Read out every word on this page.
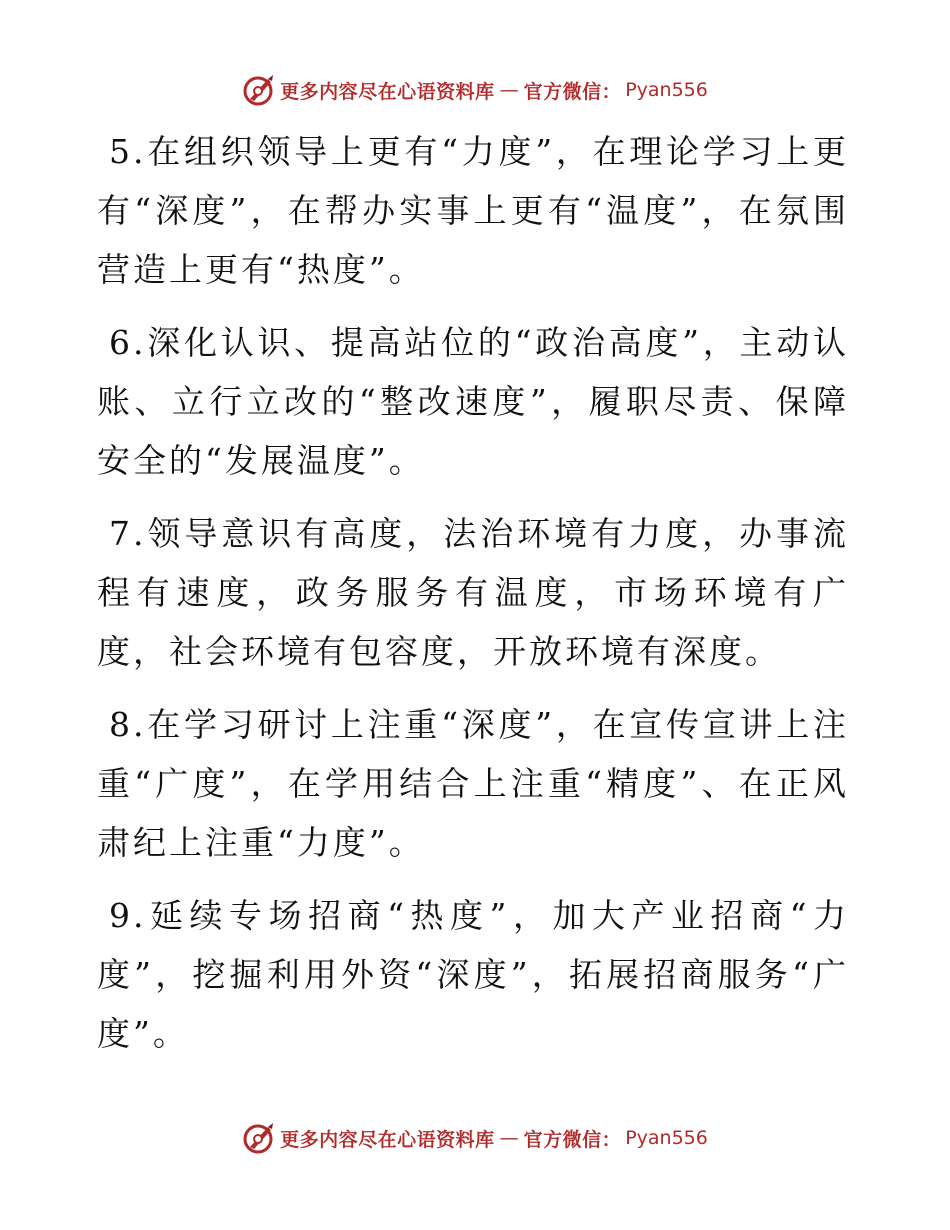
更多内容尽在心语资料库 — 官方微信： Pyan556

5.在组织领导上更有“力度”，在理论学习上更有“深度”，在帮办实事上更有“温度”，在氛围营造上更有“热度”。

6.深化认识、提高站位的“政治高度”，主动认账、立行立改的“整改速度”，履职尽责、保障安全的“发展温度”。

7.领导意识有高度，法治环境有力度，办事流程有速度，政务服务有温度，市场环境有广度，社会环境有包容度，开放环境有深度。

8.在学习研讨上注重“深度”，在宣传宣讲上注重“广度”，在学用结合上注重“精度”、在正风肃纪上注重“力度”。

9.延续专场招商“热度”，加大产业招商“力度”，挖掘利用外资“深度”，拓展招商服务“广度”。

更多内容尽在心语资料库 — 官方微信： Pyan556
